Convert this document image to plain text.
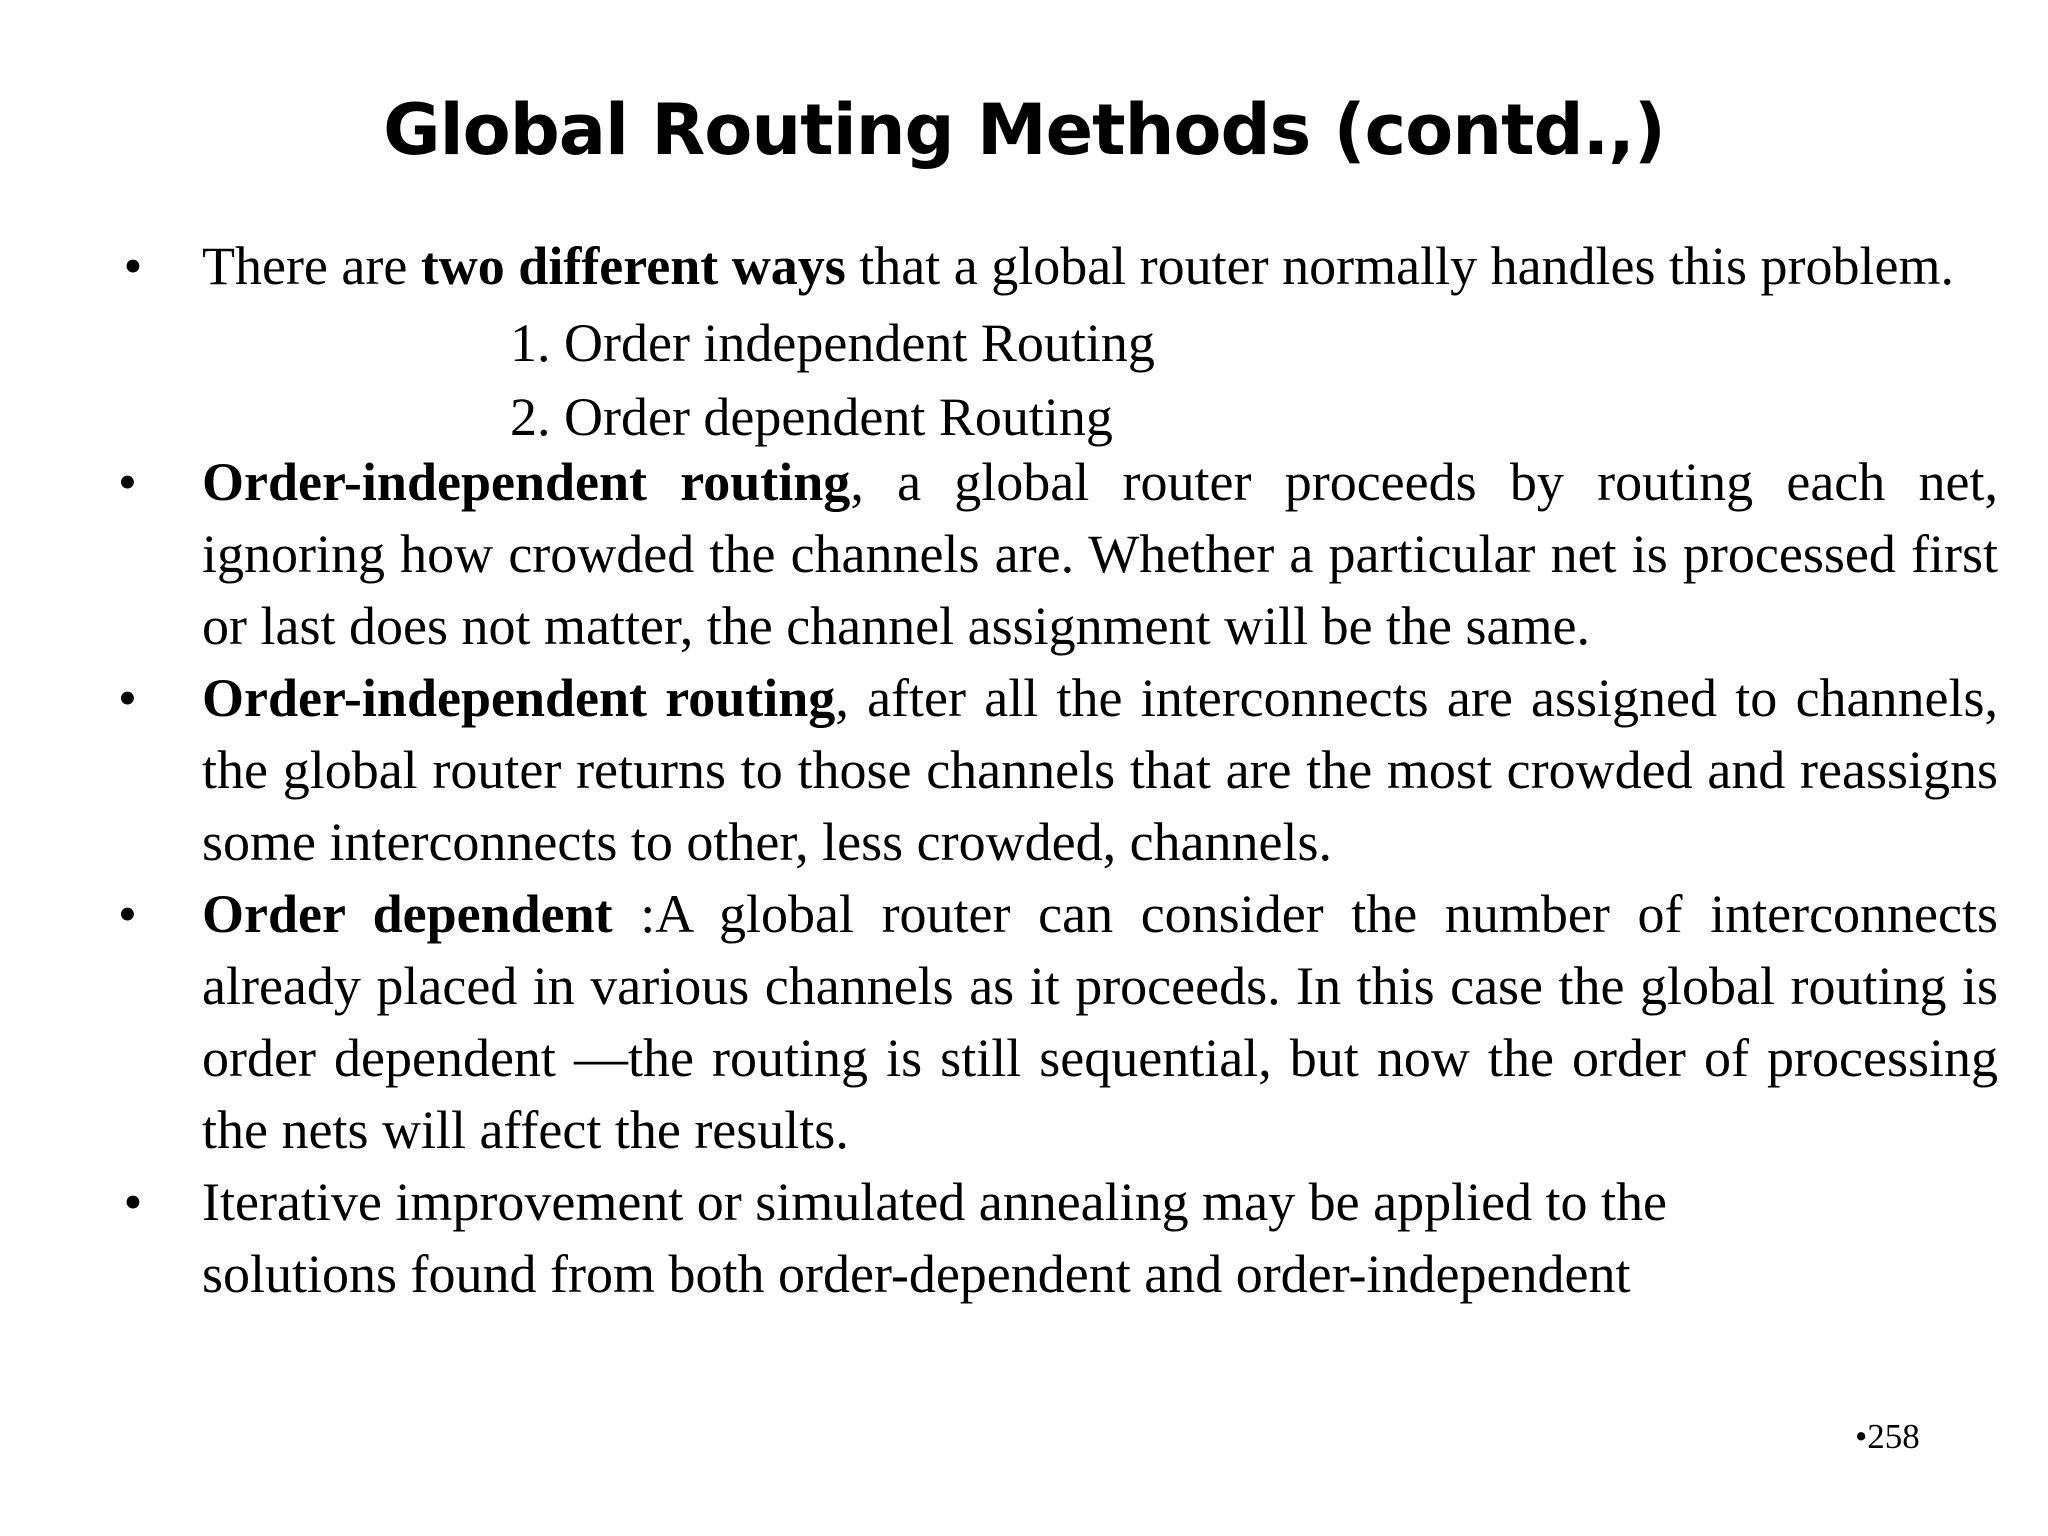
Global Routing Methods (contd.,)
• There are two different ways that a global router normally handles this problem.
1. Order independent Routing
2. Order dependent Routing
• Order-independent routing, a global router proceeds by routing each net, ignoring how crowded the channels are. Whether a particular net is processed first or last does not matter, the channel assignment will be the same.
• Order-independent routing, after all the interconnects are assigned to channels, the global router returns to those channels that are the most crowded and reassigns some interconnects to other, less crowded, channels.
• Order dependent :A global router can consider the number of interconnects already placed in various channels as it proceeds. In this case the global routing is order dependent —the routing is still sequential, but now the order of processing the nets will affect the results.
• Iterative improvement or simulated annealing may be applied to the solutions found from both order-dependent and order-independent
•258
